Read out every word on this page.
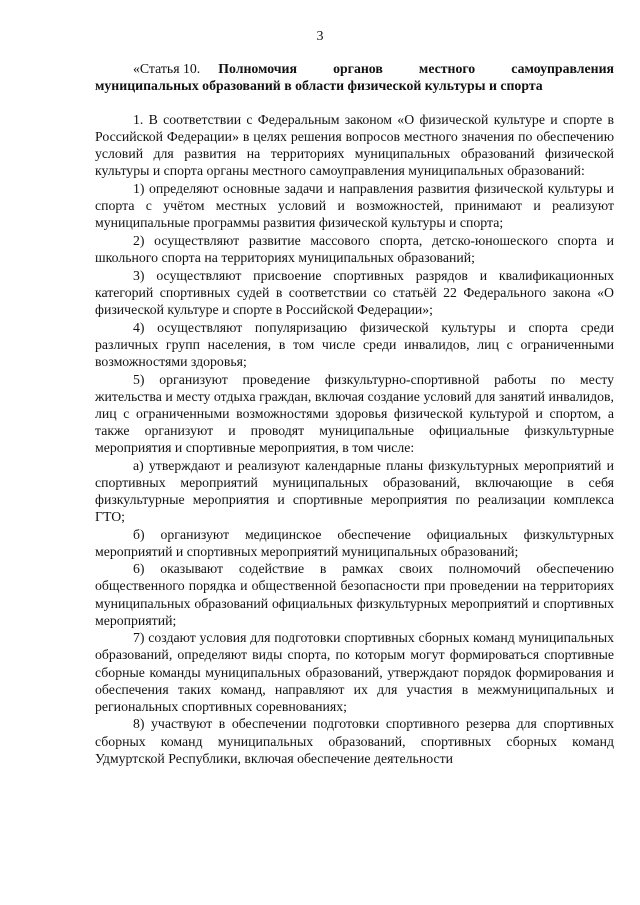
3

«Статья 10. Полномочия органов местного самоуправления муниципальных образований в области физической культуры и спорта

1. В соответствии с Федеральным законом «О физической культуре и спорте в Российской Федерации» в целях решения вопросов местного значения по обеспечению условий для развития на территориях муниципальных образований физической культуры и спорта органы местного самоуправления муниципальных образований:

1) определяют основные задачи и направления развития физической культуры и спорта с учётом местных условий и возможностей, принимают и реализуют муниципальные программы развития физической культуры и спорта;

2) осуществляют развитие массового спорта, детско-юношеского спорта и школьного спорта на территориях муниципальных образований;

3) осуществляют присвоение спортивных разрядов и квалификационных категорий спортивных судей в соответствии со статьёй 22 Федерального закона «О физической культуре и спорте в Российской Федерации»;

4) осуществляют популяризацию физической культуры и спорта среди различных групп населения, в том числе среди инвалидов, лиц с ограниченными возможностями здоровья;

5) организуют проведение физкультурно-спортивной работы по месту жительства и месту отдыха граждан, включая создание условий для занятий инвалидов, лиц с ограниченными возможностями здоровья физической культурой и спортом, а также организуют и проводят муниципальные официальные физкультурные мероприятия и спортивные мероприятия, в том числе:

а) утверждают и реализуют календарные планы физкультурных мероприятий и спортивных мероприятий муниципальных образований, включающие в себя физкультурные мероприятия и спортивные мероприятия по реализации комплекса ГТО;

б) организуют медицинское обеспечение официальных физкультурных мероприятий и спортивных мероприятий муниципальных образований;

6) оказывают содействие в рамках своих полномочий обеспечению общественного порядка и общественной безопасности при проведении на территориях муниципальных образований официальных физкультурных мероприятий и спортивных мероприятий;

7) создают условия для подготовки спортивных сборных команд муниципальных образований, определяют виды спорта, по которым могут формироваться спортивные сборные команды муниципальных образований, утверждают порядок формирования и обеспечения таких команд, направляют их для участия в межмуниципальных и региональных спортивных соревнованиях;

8) участвуют в обеспечении подготовки спортивного резерва для спортивных сборных команд муниципальных образований, спортивных сборных команд Удмуртской Республики, включая обеспечение деятельности
